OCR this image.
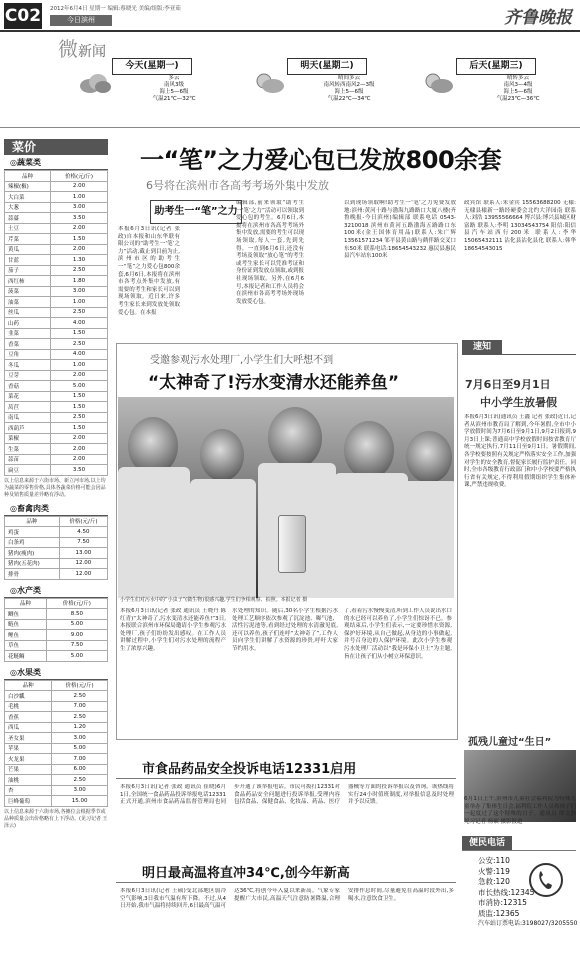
C02 2012年6月4日 星期一 编辑:蔡晓光 美编/组版:李亚茹
今日滨州	齐鲁晚报
微新闻
今天(星期一)
多云
南风3级
海上5—6级
气温21℃—32℃
明天(星期二)
晴间多云
南风转西南风2—3级
海上5—6级
气温22℃—34℃
后天(星期三)
晴转多云
南风3—4级
海上5—6级
气温23℃—36℃
菜价
◎蔬菜类
品种	价格(元/斤)
辣椒(椒)	2.00
大白菜	1.00
大葱	3.00
蒜薹	3.50
土豆	2.00
芹菜	1.50
黄瓜	2.00
甘蓝	1.30
茄子	2.50
西红柿	1.80
菠菜	3.00
油菜	1.00
丝瓜	2.50
山药	4.00
韭菜	1.50
香菜	2.50
豆角	4.00
冬瓜	1.00
豆芽	2.00
香菇	5.00
菜花	1.50
莴苣	1.50
南瓜	2.50
西葫芦	1.50
菜椒	2.00
生菜	2.00
蒜苗	2.00
扁豆	3.50
以上信息来源于六街市场、新立河市场,以上均为蔬菜的零售价格,具体各蔬菜价格可能会因品种及销售质量差异略有浮动。
◎畜禽肉类
品种	价格(元/斤)
鸡蛋	4.50
白条鸡	7.50
猪肉(瘦肉)	13.00
猪肉(五花肉)	12.00
排骨	12.00
◎水产类
品种	价格(元/斤)
鲫鱼	8.50
鲢鱼	5.00
鲤鱼	9.00
草鱼	7.50
花鲢鲷	5.00
◎水果类
品种	价格(元/斤)
白沙瓤	2.50
毛桃	7.00
香蕉	2.50
西瓜	1.20
圣女果	3.00
苹果	5.00
火龙果	7.00
芒果	6.00
油桃	2.50
杏	3.00
巨峰葡萄	15.00
以上信息来源于六街市场,各摊位会根据季节或品种质量会出价格略有上下浮动。(见习记者 王泽云)
一“笔”之力爱心包已发放800余套
6号将在滨州市各高考考场外集中发放
助考生一“笔”之力
本报6月3日讯(记者 张政)自本报和山东华联有限公司的“助考生一‘笔’之力”活动,截止到目前为止,滨州市区的助考生一“笔”之力爱心包800余套,6月6日,本报将在滨州市各考点外集中发放,有需要的考生和家长可以到现场领取。近日来,许多考生家长来到发放处领取爱心包。在本报
编辑部,前来领取“助考生一‘笔’之力”活动可以领取到爱心包的考生。6月6日,本报将在滨州市各高考考场外集中发放,需要的考生可以现场领取,每人一套,先到先得。一直到6月6日,还没有考场及领取“放心笔”的考生或考生家长可以凭准考证和身份证到发放点领取,或到报社现场领取。另外,在6月6号,本报记者和工作人员将会在滨州市各高考考场外现场发放爱心包。
以到现场领取啊!助考生一‘笔’之力免费发放地:滨州:黄河十路与渤海九路路口大厦八楼(齐鲁晚报-今日滨州)编辑部 联系电话 0543-3210018 滨州市黄河五路渤海五路路口东100米(金王国体育用品)联系人:朱广辉 13561571234 邹平县黄山路与鹤伴路交叉口东50米 联系电话:18654543232 惠民县惠民县汽车站东100米
政宾馆 联系人:朱金宾 15563688200 无棣:无棣县棣新一路经硬委会北约大洋园南 联系人:刘浩 13955566664 博兴县:博兴县城区财富路 联系人:李明 13034543754 阳信:阳信县汽车站西行200米 联系人:李华 15065432111 沾化县沾化县化 联系人:韩华 18654543015
速知
7月6日至9月1日
中小学生放暑假
本报6月3日讯(通讯员 王鑫 记者 张政)近日,记者从滨州市教育局了解到,今年暑假,全市中小学放假时间为7月6日至9月1日,9月2日报到,9月3日上课;普通高中学校放假时间按省教育厅统一规定执行,7月11日至9月1日。暑假期间,各学校要按照有关规定严格落实安全工作,加强对学生的安全教育,督促家长履行监护责任。同时,全市各级教育行政部门和中小学校要严格执行省有关规定,不得利用假期组织学生集体补课,严禁违规收费。
孤残儿童过“生日”
6月1日上午,滨州市儿童社会福利院为特殊儿童举办了集体生日会,福利院工作人员和孩子们一起度过了这个特殊的日子。通讯员 谭文静 见习记者 杨硕 摄影报道
受邀参观污水处理厂,小学生们大呼想不到
“太神奇了!污水变清水还能养鱼”
小学生们对污水中的“小虫子”(微生物)很感兴趣,学生们争相观察、拍照。本报记者 摄
本报6月3日讯(记者 张政 通讯员 王晓丹 陈红青)“太神奇了,污水变清水还能养鱼!”3日,本报联合滨州市环保局邀请小学生参观污水处理厂,孩子们纷纷发出感叹。在工作人员讲解过程中,小学生们对污水处理的流程产生了浓厚兴趣。
水处理的知识。随后,30名小学生根据污水处理工艺顺序依次参观了沉淀池、曝气池、活性污泥池等,看到经过处理的水清澈见底,还可以养鱼,孩子们连呼“太神奇了”,工作人员向学生们讲解了水资源的珍贵,呼吁大家节约用水。
了,看着污水慢慢变清,听到工作人员说出水口的水已经可以养鱼了,小学生们惊讶不已。参观结束后,小学生们表示,一定要珍惜水资源,保护好环境,从自己做起,从身边的小事做起,并号召身边的人保护环境。此次小学生参观污水处理厂活动以“我是环保小卫士”为主题,旨在让孩子们从小树立环保意识。
市食品药品安全投诉电话12331启用
本报6月3日讯(记者 张政 通讯员 崔晓)6月1日,全国统一食品药品投诉举报电话12331正式开通,滨州市食品药品监督管理局也同步开通了该举报电话。市民可拨打12331对食品药品安全问题进行投诉举报,受理内容包括食品、保健食品、化妆品、药品、医疗器械等方面的投诉举报以及咨询。该热线将实行24小时值班制度,对举报信息及时处理并予以反馈。
明日最高温将直冲34℃,创今年新高
本报6月3日讯(记者 王硕)受北部地区弱冷空气影响,3日我市气温有所下降。不过,从4日开始,我市气温将持续回升,6日最高气温可达36℃,将创今年入夏以来新高。气象专家提醒广大市民,高温天气注意防暑降温,合理安排作息时间,尽量避免在高温时段外出,多喝水,注意饮食卫生。
便民电话
公安:110
火警:119
急救:120
市长热线:12345
市消协:12315
质监:12365
汽车站订票电话:3198027/3205550
